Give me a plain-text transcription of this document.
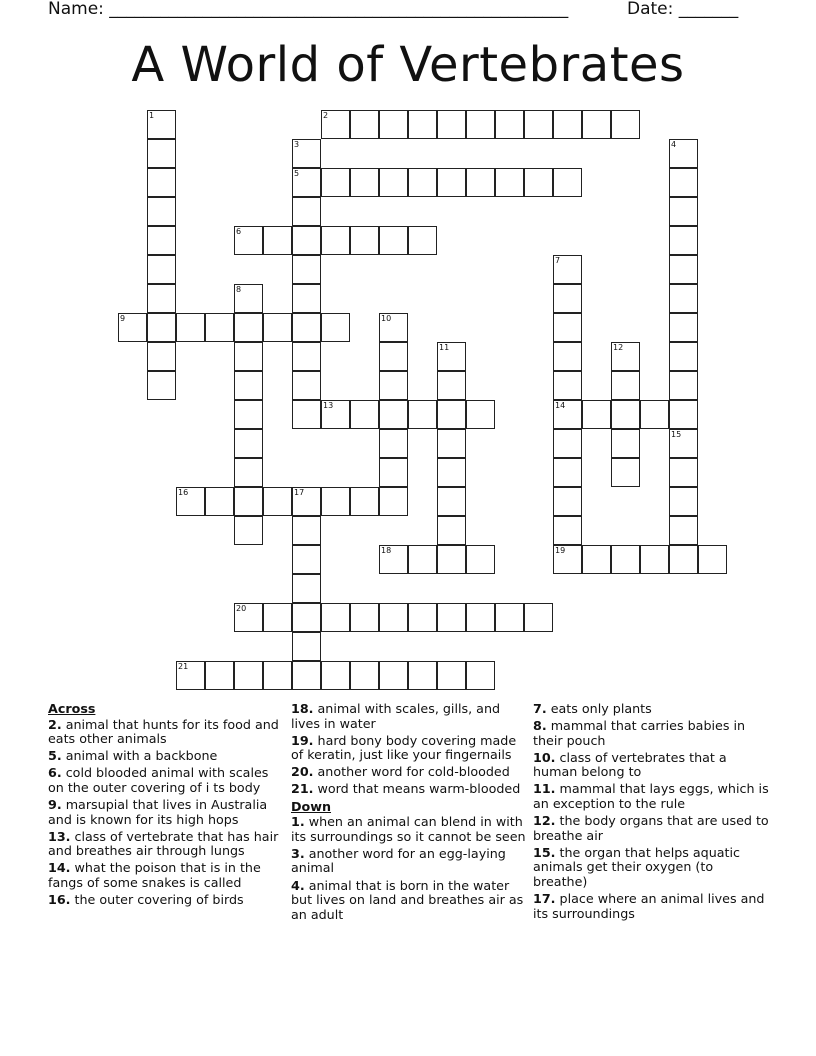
Name: ______________________________________________________	Date: _______
A World of Vertebrates
1	2
3
5
4
6
7
14
19
8
9	10
11	12
13
15
16	17
18
20
21
Across
2. animal that hunts for its food and eats other animals
5. animal with a backbone
6. cold blooded animal with scales on the outer covering of i ts body
9. marsupial that lives in Australia and is known for its high hops
13. class of vertebrate that has hair and breathes air through lungs
14. what the poison that is in the fangs of some snakes is called
16. the outer covering of birds
18. animal with scales, gills, and lives in water
19. hard bony body covering made of keratin, just like your fingernails
20. another word for cold-blooded
21. word that means warm-blooded
Down
1. when an animal can blend in with its surroundings so it cannot be seen
3. another word for an egg-laying animal
4. animal that is born in the water but lives on land and breathes air as an adult
7. eats only plants
8. mammal that carries babies in their pouch
10. class of vertebrates that a human belong to
11. mammal that lays eggs, which is an exception to the rule
12. the body organs that are used to breathe air
15. the organ that helps aquatic animals get their oxygen (to breathe)
17. place where an animal lives and its surroundings
